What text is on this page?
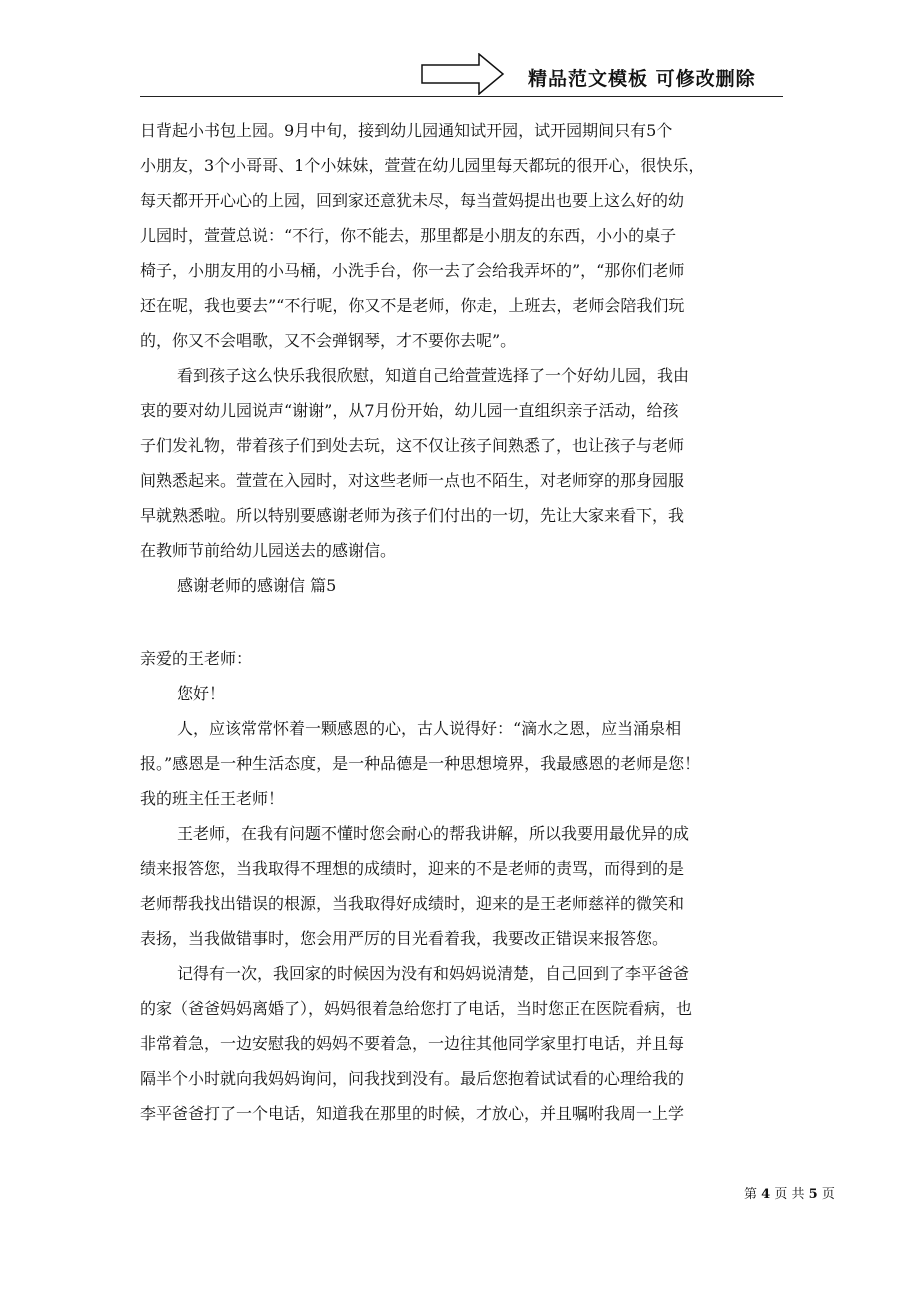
精品范文模板 可修改删除
日背起小书包上园。9月中旬，接到幼儿园通知试开园，试开园期间只有5个
小朋友，3个小哥哥、1个小妹妹，萱萱在幼儿园里每天都玩的很开心，很快乐，
每天都开开心心的上园，回到家还意犹未尽，每当萱妈提出也要上这么好的幼
儿园时，萱萱总说：“不行，你不能去，那里都是小朋友的东西，小小的桌子
椅子，小朋友用的小马桶，小洗手台，你一去了会给我弄坏的”，“那你们老师
还在呢，我也要去”“不行呢，你又不是老师，你走，上班去，老师会陪我们玩
的，你又不会唱歌，又不会弹钢琴，才不要你去呢”。
看到孩子这么快乐我很欣慰，知道自己给萱萱选择了一个好幼儿园，我由
衷的要对幼儿园说声“谢谢”，从7月份开始，幼儿园一直组织亲子活动，给孩
子们发礼物，带着孩子们到处去玩，这不仅让孩子间熟悉了，也让孩子与老师
间熟悉起来。萱萱在入园时，对这些老师一点也不陌生，对老师穿的那身园服
早就熟悉啦。所以特别要感谢老师为孩子们付出的一切，先让大家来看下，我
在教师节前给幼儿园送去的感谢信。
感谢老师的感谢信 篇5
亲爱的王老师：
您好！
人，应该常常怀着一颗感恩的心，古人说得好：“滴水之恩，应当涌泉相
报。”感恩是一种生活态度，是一种品德是一种思想境界，我最感恩的老师是您！
我的班主任王老师！
王老师，在我有问题不懂时您会耐心的帮我讲解，所以我要用最优异的成
绩来报答您，当我取得不理想的成绩时，迎来的不是老师的责骂，而得到的是
老师帮我找出错误的根源，当我取得好成绩时，迎来的是王老师慈祥的微笑和
表扬，当我做错事时，您会用严厉的目光看着我，我要改正错误来报答您。
记得有一次，我回家的时候因为没有和妈妈说清楚，自己回到了李平爸爸
的家（爸爸妈妈离婚了），妈妈很着急给您打了电话，当时您正在医院看病，也
非常着急，一边安慰我的妈妈不要着急，一边往其他同学家里打电话，并且每
隔半个小时就向我妈妈询问，问我找到没有。最后您抱着试试看的心理给我的
李平爸爸打了一个电话，知道我在那里的时候，才放心，并且嘱咐我周一上学
第 4 页 共 5 页
